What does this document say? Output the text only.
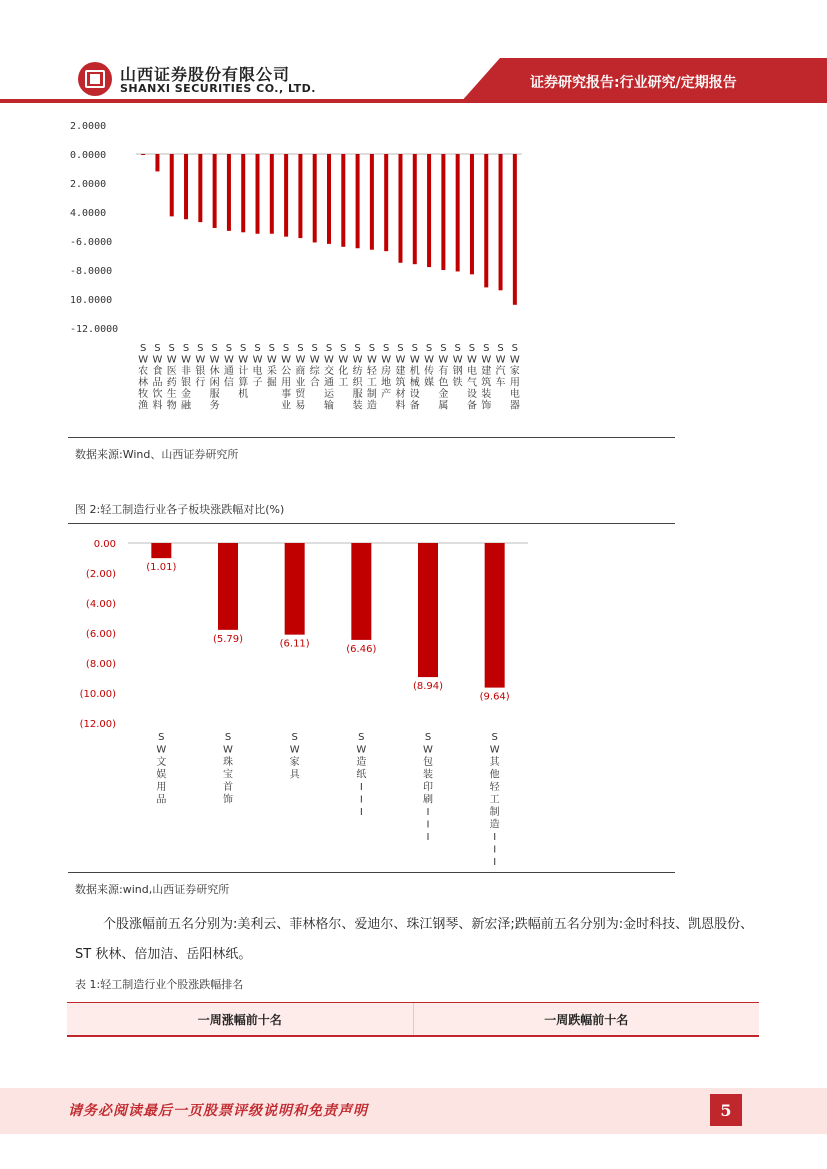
山西证券股份有限公司
SHANXI SECURITIES CO., LTD.	证券研究报告:行业研究/定期报告
2.0000
0.0000
2.0000
4.0000
-6.0000
-8.0000
10.0000
-12.0000
S W 农林牧渔
S W 食品饮料
S W 医药生物
S W 非银金融
S W 银行
S W 休闲服务
S W 通信
S W 计算机
S W 电子
S W 采掘
S W 公用事业
S W 商业贸易
S W 综合
S W 交通运输
S W 化工
S W 纺织服装
S W 轻工制造
S W 房地产
S W 建筑材料
S W 机械设备
S W 传媒
S W 有色金属
S W 钢铁
S W 电气设备
S W 建筑装饰
S W 汽车
S W 家用电器
数据来源:Wind、山西证券研究所
图 2:轻工制造行业各子板块涨跌幅对比(%)
0.00
(2.00)
(4.00)
(6.00)
(8.00)
(10.00)
(12.00)
(1.01)
(5.79)	(6.11)	(6.46)
(8.94)
(9.64)
S W 文娱用品
S W 珠宝首饰
S W 家具
S W 造纸 I I I
S W 包装印刷 I I I
S W 其他轻工制造 I I I
数据来源:wind,山西证券研究所
个股涨幅前五名分别为:美利云、菲林格尔、爱迪尔、珠江钢琴、新宏泽;跌幅前五名分别为:金时科技、凯恩股份、ST 秋林、倍加洁、岳阳林纸。
表 1:轻工制造行业个股涨跌幅排名
一周涨幅前十名	一周跌幅前十名
请务必阅读最后一页股票评级说明和免责声明	5
